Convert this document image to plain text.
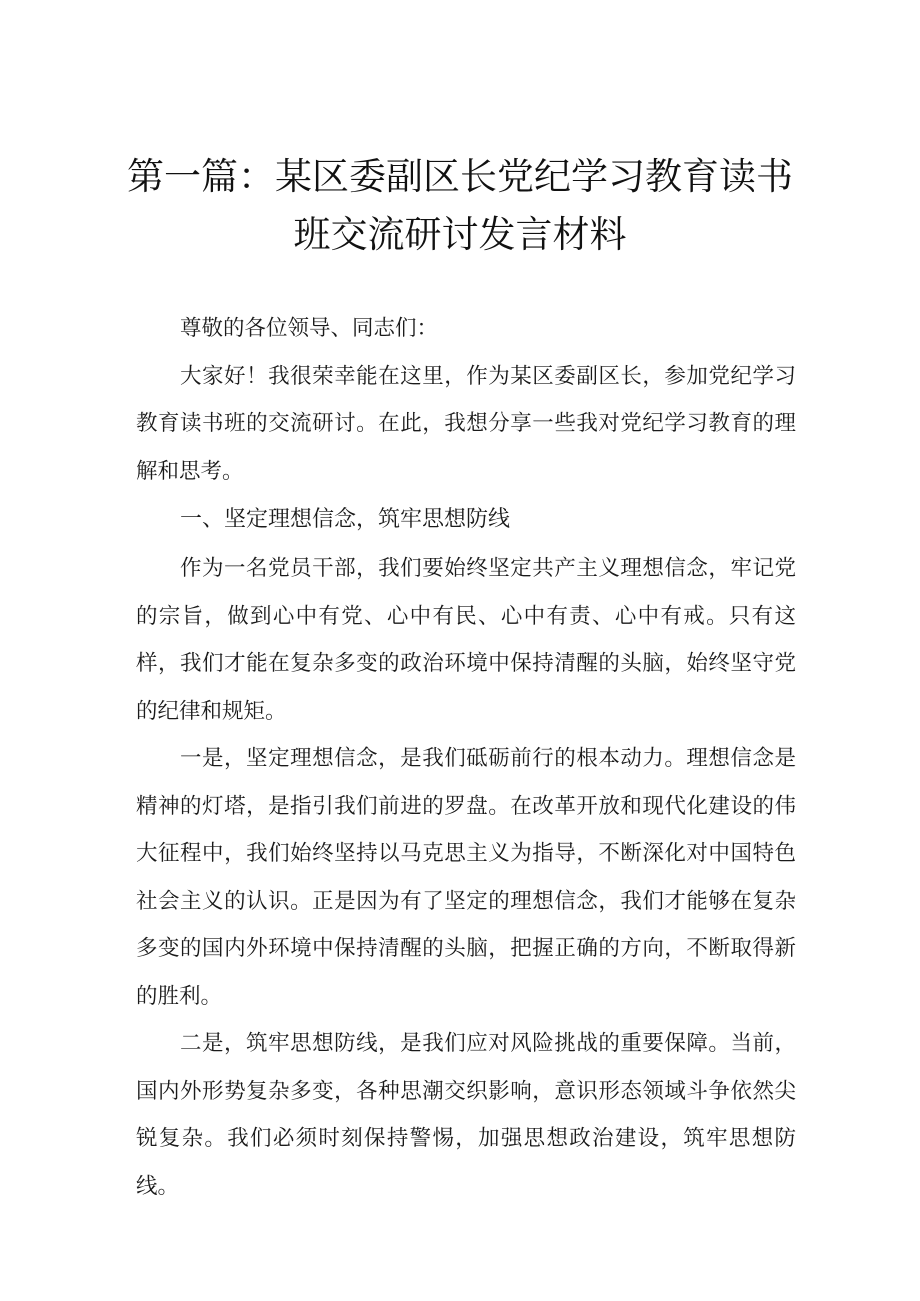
第一篇：某区委副区长党纪学习教育读书
班交流研讨发言材料

尊敬的各位领导、同志们：

大家好！我很荣幸能在这里，作为某区委副区长，参加党纪学习教育读书班的交流研讨。在此，我想分享一些我对党纪学习教育的理解和思考。

一、坚定理想信念，筑牢思想防线

作为一名党员干部，我们要始终坚定共产主义理想信念，牢记党的宗旨，做到心中有党、心中有民、心中有责、心中有戒。只有这样，我们才能在复杂多变的政治环境中保持清醒的头脑，始终坚守党的纪律和规矩。

一是，坚定理想信念，是我们砥砺前行的根本动力。理想信念是精神的灯塔，是指引我们前进的罗盘。在改革开放和现代化建设的伟大征程中，我们始终坚持以马克思主义为指导，不断深化对中国特色社会主义的认识。正是因为有了坚定的理想信念，我们才能够在复杂多变的国内外环境中保持清醒的头脑，把握正确的方向，不断取得新的胜利。

二是，筑牢思想防线，是我们应对风险挑战的重要保障。当前，国内外形势复杂多变，各种思潮交织影响，意识形态领域斗争依然尖锐复杂。我们必须时刻保持警惕，加强思想政治建设，筑牢思想防线。
